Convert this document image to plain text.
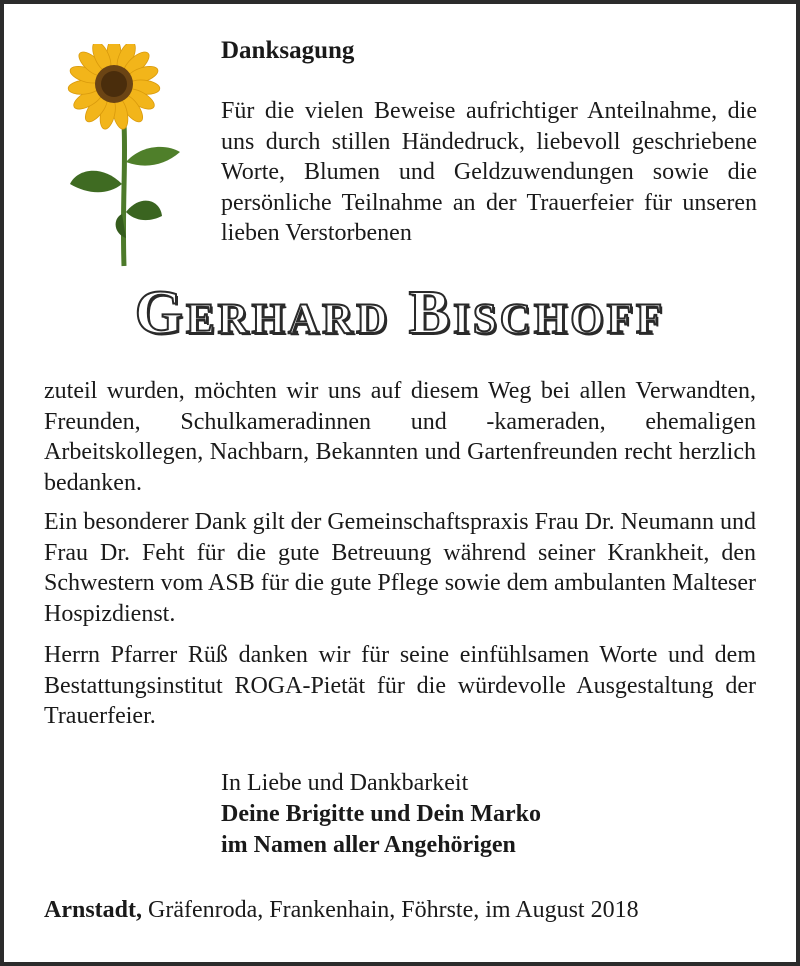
Danksagung
Für die vielen Beweise aufrichtiger Anteilnahme, die uns durch stillen Händedruck, liebevoll geschriebene Worte, Blumen und Geldzuwendungen sowie die persönliche Teilnahme an der Trauerfeier für unseren lieben Verstorbenen
Gerhard Bischoff

zuteil wurden, möchten wir uns auf diesem Weg bei allen Verwandten, Freunden, Schulkameradinnen und -kameraden, ehemaligen Arbeitskollegen, Nachbarn, Bekannten und Gartenfreunden recht herzlich bedanken.

Ein besonderer Dank gilt der Gemeinschaftspraxis Frau Dr. Neumann und Frau Dr. Feht für die gute Betreuung während seiner Krankheit, den Schwestern vom ASB für die gute Pflege sowie dem ambulanten Malteser Hospizdienst.

Herrn Pfarrer Rüß danken wir für seine einfühlsamen Worte und dem Bestattungsinstitut ROGA-Pietät für die würdevolle Ausgestaltung der Trauerfeier.

In Liebe und Dankbarkeit
Deine Brigitte und Dein Marko
im Namen aller Angehörigen
Arnstadt, Gräfenroda, Frankenhain, Föhrste, im August 2018
